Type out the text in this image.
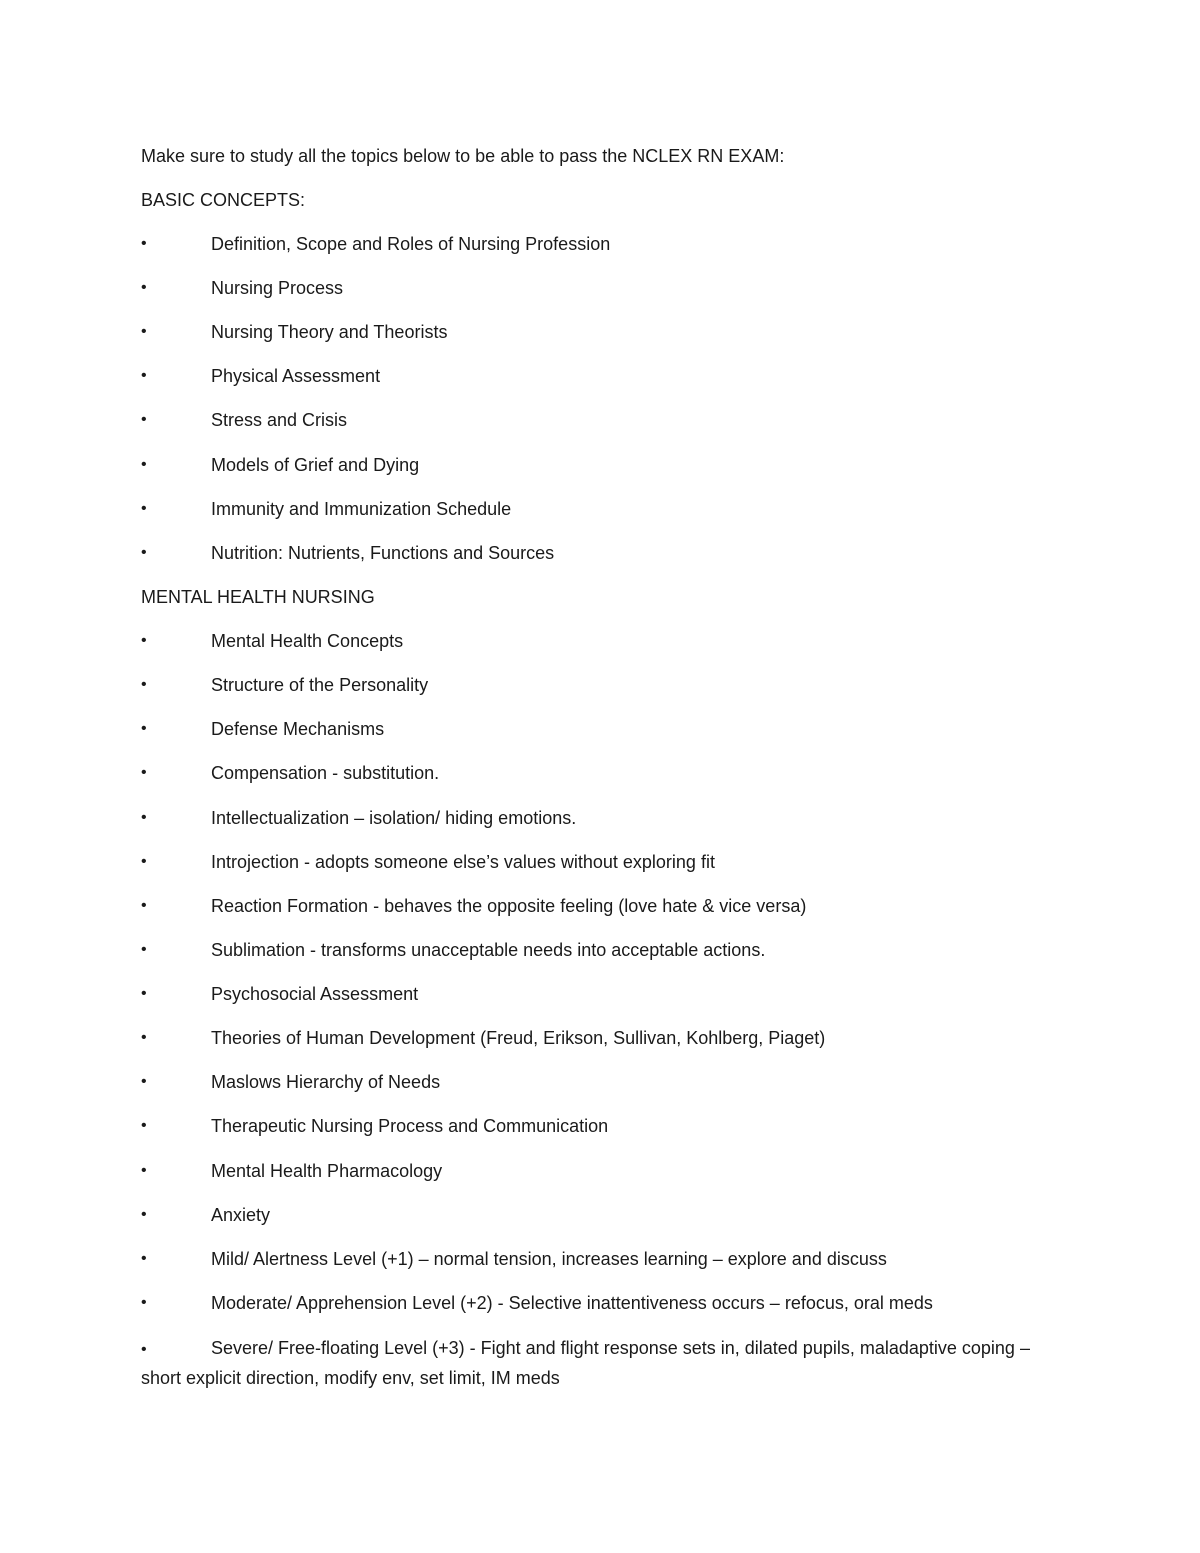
Make sure to study all the topics below to be able to pass the NCLEX RN EXAM:
BASIC CONCEPTS:
•	Definition, Scope and Roles of Nursing Profession
•	Nursing Process
•	Nursing Theory and Theorists
•	Physical Assessment
•	Stress and Crisis
•	Models of Grief and Dying
•	Immunity and Immunization Schedule
•	Nutrition: Nutrients, Functions and Sources
MENTAL HEALTH NURSING
•	Mental Health Concepts
•	Structure of the Personality
•	Defense Mechanisms
•	Compensation - substitution.
•	Intellectualization – isolation/ hiding emotions.
•	Introjection - adopts someone else’s values without exploring fit
•	Reaction Formation - behaves the opposite feeling (love hate & vice versa)
•	Sublimation - transforms unacceptable needs into acceptable actions.
•	Psychosocial Assessment
•	Theories of Human Development (Freud, Erikson, Sullivan, Kohlberg, Piaget)
•	Maslows Hierarchy of Needs
•	Therapeutic Nursing Process and Communication
•	Mental Health Pharmacology
•	Anxiety
•	Mild/ Alertness Level (+1) – normal tension, increases learning – explore and discuss
•	Moderate/ Apprehension Level (+2) - Selective inattentiveness occurs – refocus, oral meds
•	Severe/ Free-floating Level (+3) - Fight and flight response sets in, dilated pupils, maladaptive coping – short explicit direction, modify env, set limit, IM meds
